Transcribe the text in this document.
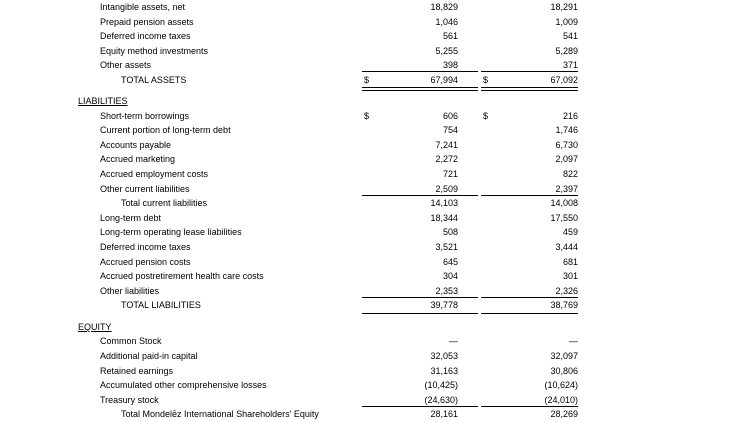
Intangible assets, net	18,829	18,291
Prepaid pension assets	1,046	1,009
Deferred income taxes	561	541
Equity method investments	5,255	5,289
Other assets	398	371
TOTAL ASSETS	$	67,994	$	67,092
LIABILITIES
Short-term borrowings	$	606	$	216
Current portion of long-term debt	754	1,746
Accounts payable	7,241	6,730
Accrued marketing	2,272	2,097
Accrued employment costs	721	822
Other current liabilities	2,509	2,397
Total current liabilities	14,103	14,008
Long-term debt	18,344	17,550
Long-term operating lease liabilities	508	459
Deferred income taxes	3,521	3,444
Accrued pension costs	645	681
Accrued postretirement health care costs	304	301
Other liabilities	2,353	2,326
TOTAL LIABILITIES	39,778	38,769
EQUITY
Common Stock	—	—
Additional paid-in capital	32,053	32,097
Retained earnings	31,163	30,806
Accumulated other comprehensive losses	(10,425)	(10,624)
Treasury stock	(24,630)	(24,010)
Total Mondelēz International Shareholders' Equity	28,161	28,269
